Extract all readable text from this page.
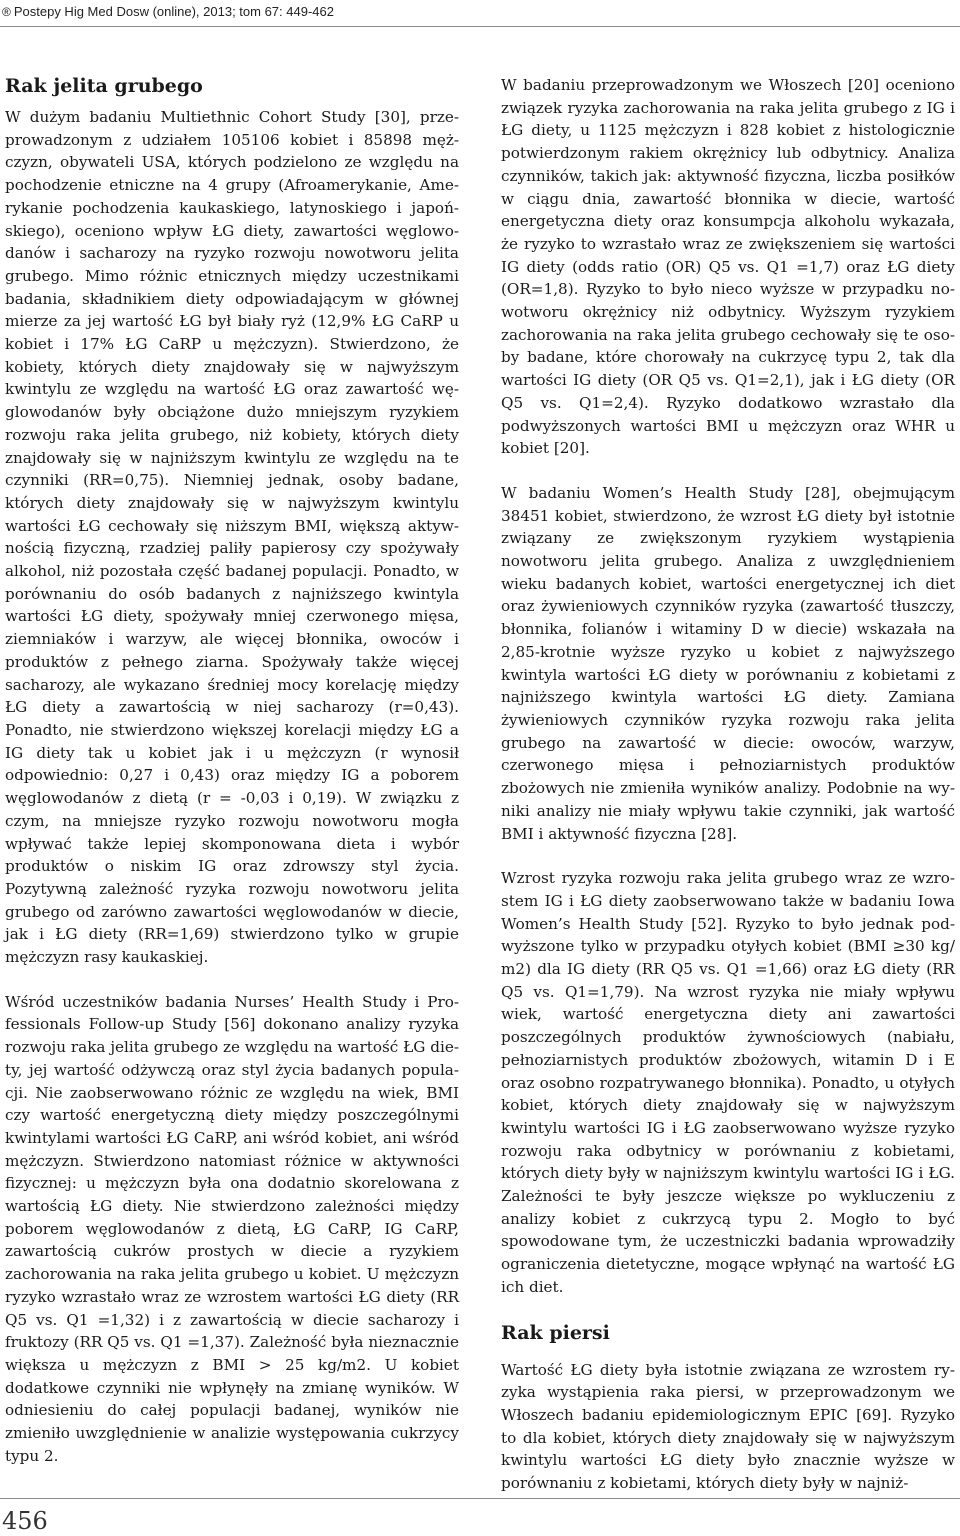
® Postepy Hig Med Dosw (online), 2013; tom 67: 449-462
Rak jelita grubego

W dużym badaniu Multiethnic Cohort Study [30], przeprowadzonym z udziałem 105106 kobiet i 85898 mężczyzn, obywateli USA, których podzielono ze względu na pochodzenie etniczne na 4 grupy (Afroamerykanie, Amerykanie pochodzenia kaukaskiego, latynoskiego i japońskiego), oceniono wpływ ŁG diety, zawartości węglowodanów i sacharozy na ryzyko rozwoju nowotworu jelita grubego. Mimo różnic etnicznych między uczestnikami badania, składnikiem diety odpowiadającym w głównej mierze za jej wartość ŁG był biały ryż (12,9% ŁG CaRP u kobiet i 17% ŁG CaRP u mężczyzn). Stwierdzono, że kobiety, których diety znajdowały się w najwyższym kwintylu ze względu na wartość ŁG oraz zawartość węglowodanów były obciążone dużo mniejszym ryzykiem rozwoju raka jelita grubego, niż kobiety, których diety znajdowały się w najniższym kwintylu ze względu na te czynniki (RR=0,75). Niemniej jednak, osoby badane, których diety znajdowały się w najwyższym kwintylu wartości ŁG cechowały się niższym BMI, większą aktywnością fizyczną, rzadziej paliły papierosy czy spożywały alkohol, niż pozostała część badanej populacji. Ponadto, w porównaniu do osób badanych z najniższego kwintyla wartości ŁG diety, spożywały mniej czerwonego mięsa, ziemniaków i warzyw, ale więcej błonnika, owoców i produktów z pełnego ziarna. Spożywały także więcej sacharozy, ale wykazano średniej mocy korelację między ŁG diety a zawartością w niej sacharozy (r=0,43). Ponadto, nie stwierdzono większej korelacji między ŁG a IG diety tak u kobiet jak i u mężczyzn (r wynosił odpowiednio: 0,27 i 0,43) oraz między IG a poborem węglowodanów z dietą (r = -0,03 i 0,19). W związku z czym, na mniejsze ryzyko rozwoju nowotworu mogła wpływać także lepiej skomponowana dieta i wybór produktów o niskim IG oraz zdrowszy styl życia. Pozytywną zależność ryzyka rozwoju nowotworu jelita grubego od zarówno zawartości węglowodanów w diecie, jak i ŁG diety (RR=1,69) stwierdzono tylko w grupie mężczyzn rasy kaukaskiej.

Wśród uczestników badania Nurses’ Health Study i Professionals Follow-up Study [56] dokonano analizy ryzyka rozwoju raka jelita grubego ze względu na wartość ŁG diety, jej wartość odżywczą oraz styl życia badanych populacji. Nie zaobserwowano różnic ze względu na wiek, BMI czy wartość energetyczną diety między poszczególnymi kwintylami wartości ŁG CaRP, ani wśród kobiet, ani wśród mężczyzn. Stwierdzono natomiast różnice w aktywności fizycznej: u mężczyzn była ona dodatnio skorelowana z wartością ŁG diety. Nie stwierdzono zależności między poborem węglowodanów z dietą, ŁG CaRP, IG CaRP, zawartością cukrów prostych w diecie a ryzykiem zachorowania na raka jelita grubego u kobiet. U mężczyzn ryzyko wzrastało wraz ze wzrostem wartości ŁG diety (RR Q5 vs. Q1 =1,32) i z zawartością w diecie sacharozy i fruktozy (RR Q5 vs. Q1 =1,37). Zależność była nieznacznie większa u mężczyzn z BMI > 25 kg/m2. U kobiet dodatkowe czynniki nie wpłynęły na zmianę wyników. W odniesieniu do całej populacji badanej, wyników nie zmieniło uwzględnienie w analizie występowania cukrzycy typu 2.

W badaniu przeprowadzonym we Włoszech [20] oceniono związek ryzyka zachorowania na raka jelita grubego z IG i ŁG diety, u 1125 mężczyzn i 828 kobiet z histologicznie potwierdzonym rakiem okrężnicy lub odbytnicy. Analiza czynników, takich jak: aktywność fizyczna, liczba posiłków w ciągu dnia, zawartość błonnika w diecie, wartość energetyczna diety oraz konsumpcja alkoholu wykazała, że ryzyko to wzrastało wraz ze zwiększeniem się wartości IG diety (odds ratio (OR) Q5 vs. Q1 =1,7) oraz ŁG diety (OR=1,8). Ryzyko to było nieco wyższe w przypadku nowotworu okrężnicy niż odbytnicy. Wyższym ryzykiem zachorowania na raka jelita grubego cechowały się te osoby badane, które chorowały na cukrzycę typu 2, tak dla wartości IG diety (OR Q5 vs. Q1=2,1), jak i ŁG diety (OR Q5 vs. Q1=2,4). Ryzyko dodatkowo wzrastało dla podwyższonych wartości BMI u mężczyzn oraz WHR u kobiet [20].

W badaniu Women’s Health Study [28], obejmującym 38451 kobiet, stwierdzono, że wzrost ŁG diety był istotnie związany ze zwiększonym ryzykiem wystąpienia nowotworu jelita grubego. Analiza z uwzględnieniem wieku badanych kobiet, wartości energetycznej ich diet oraz żywieniowych czynników ryzyka (zawartość tłuszczy, błonnika, folianów i witaminy D w diecie) wskazała na 2,85-krotnie wyższe ryzyko u kobiet z najwyższego kwintyla wartości ŁG diety w porównaniu z kobietami z najniższego kwintyla wartości ŁG diety. Zamiana żywieniowych czynników ryzyka rozwoju raka jelita grubego na zawartość w diecie: owoców, warzyw, czerwonego mięsa i pełnoziarnistych produktów zbożowych nie zmieniła wyników analizy. Podobnie na wyniki analizy nie miały wpływu takie czynniki, jak wartość BMI i aktywność fizyczna [28].

Wzrost ryzyka rozwoju raka jelita grubego wraz ze wzrostem IG i ŁG diety zaobserwowano także w badaniu Iowa Women’s Health Study [52]. Ryzyko to było jednak podwyższone tylko w przypadku otyłych kobiet (BMI ≥30 kg/ m2) dla IG diety (RR Q5 vs. Q1 =1,66) oraz ŁG diety (RR Q5 vs. Q1=1,79). Na wzrost ryzyka nie miały wpływu wiek, wartość energetyczna diety ani zawartości poszczególnych produktów żywnościowych (nabiału, pełnoziarnistych produktów zbożowych, witamin D i E oraz osobno rozpatrywanego błonnika). Ponadto, u otyłych kobiet, których diety znajdowały się w najwyższym kwintylu wartości IG i ŁG zaobserwowano wyższe ryzyko rozwoju raka odbytnicy w porównaniu z kobietami, których diety były w najniższym kwintylu wartości IG i ŁG. Zależności te były jeszcze większe po wykluczeniu z analizy kobiet z cukrzycą typu 2. Mogło to być spowodowane tym, że uczestniczki badania wprowadziły ograniczenia dietetyczne, mogące wpłynąć na wartość ŁG ich diet.

Rak piersi

Wartość ŁG diety była istotnie związana ze wzrostem ryzyka wystąpienia raka piersi, w przeprowadzonym we Włoszech badaniu epidemiologicznym EPIC [69]. Ryzyko to dla kobiet, których diety znajdowały się w najwyższym kwintylu wartości ŁG diety było znacznie wyższe w porównaniu z kobietami, których diety były w najniż-

456
